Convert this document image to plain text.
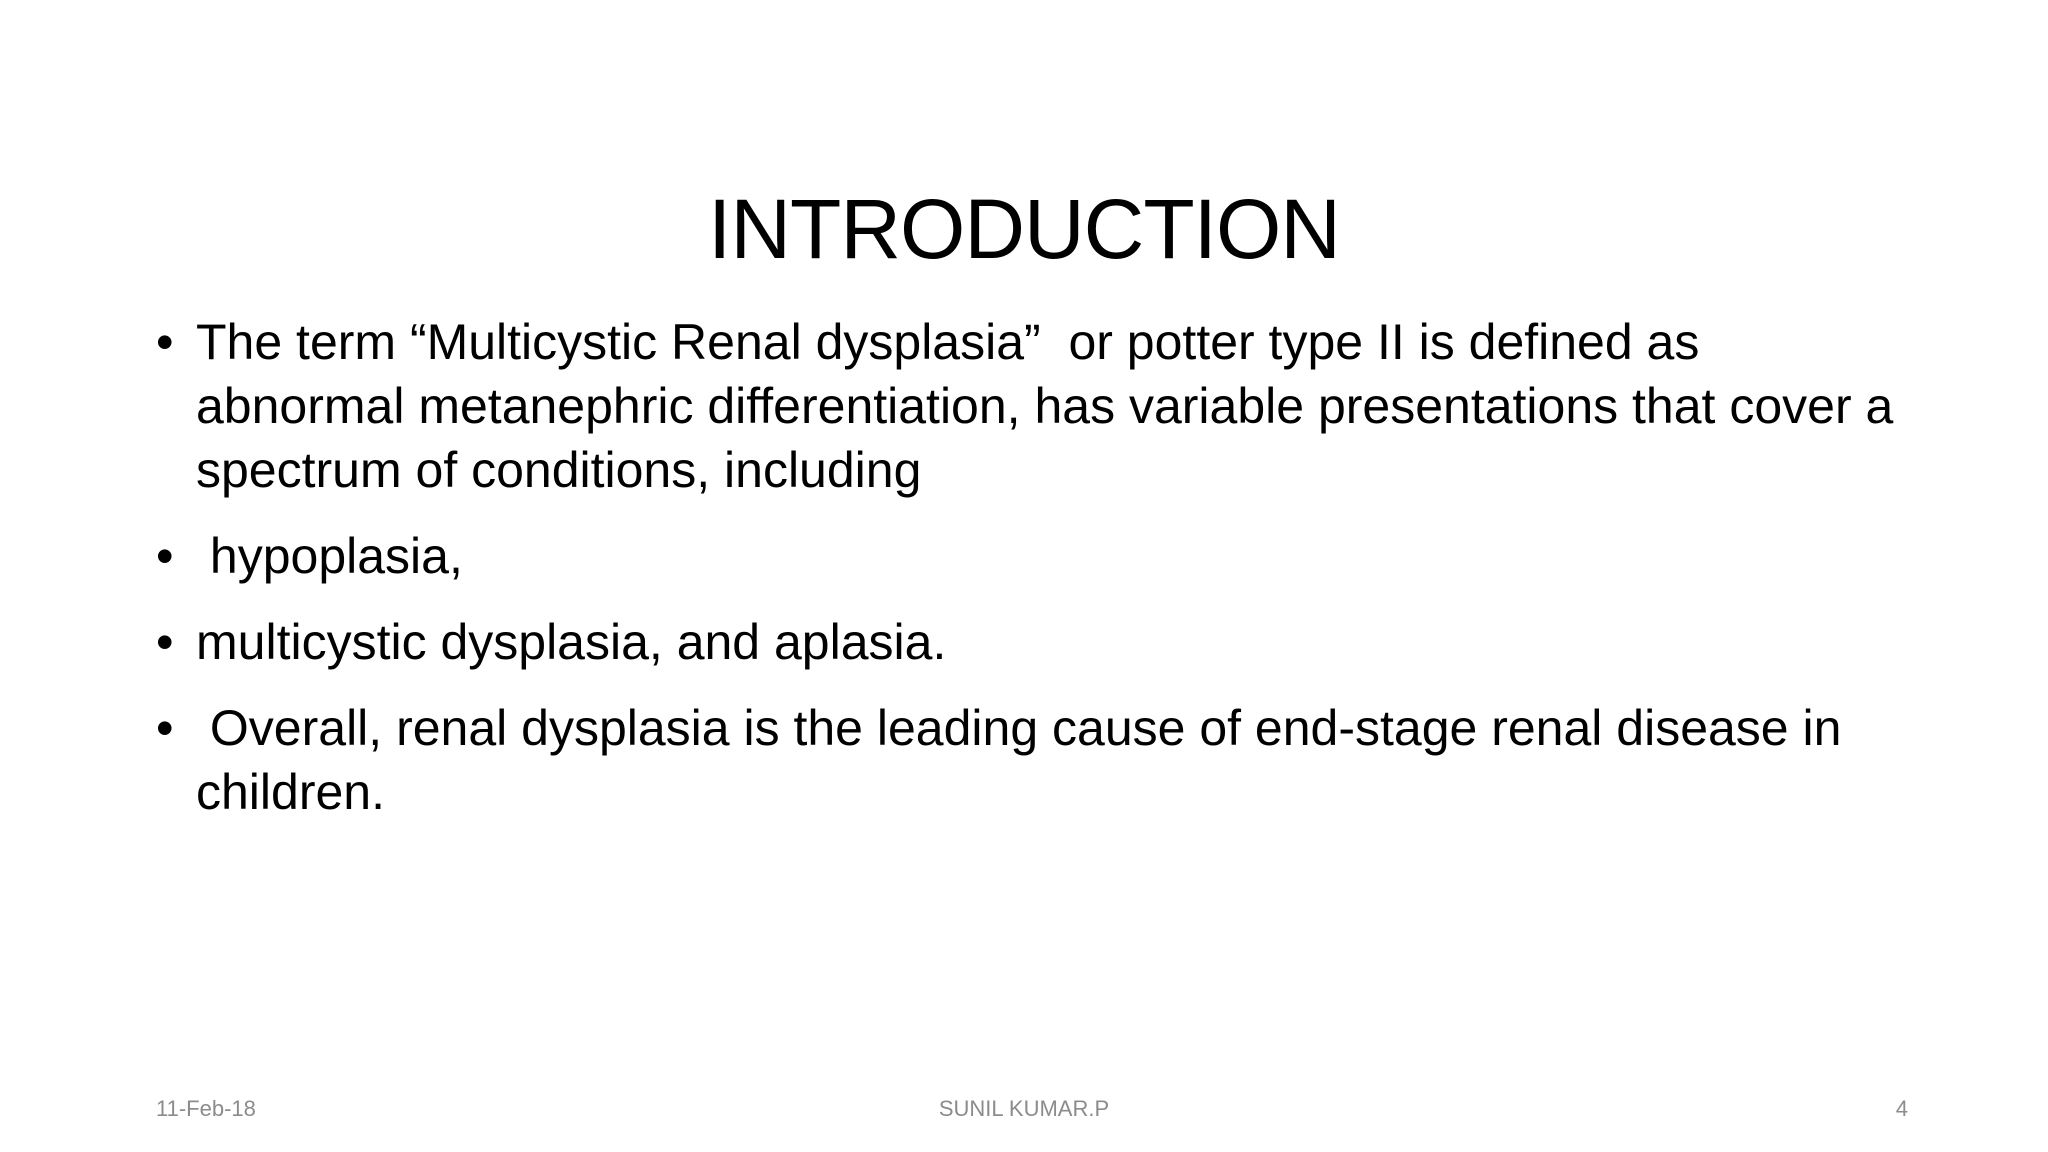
INTRODUCTION
• The term “Multicystic Renal dysplasia”  or potter type II is defined as abnormal metanephric differentiation, has variable presentations that cover a spectrum of conditions, including
• hypoplasia,
• multicystic dysplasia, and aplasia.
• Overall, renal dysplasia is the leading cause of end-stage renal disease in children.
11-Feb-18	SUNIL KUMAR.P	4
